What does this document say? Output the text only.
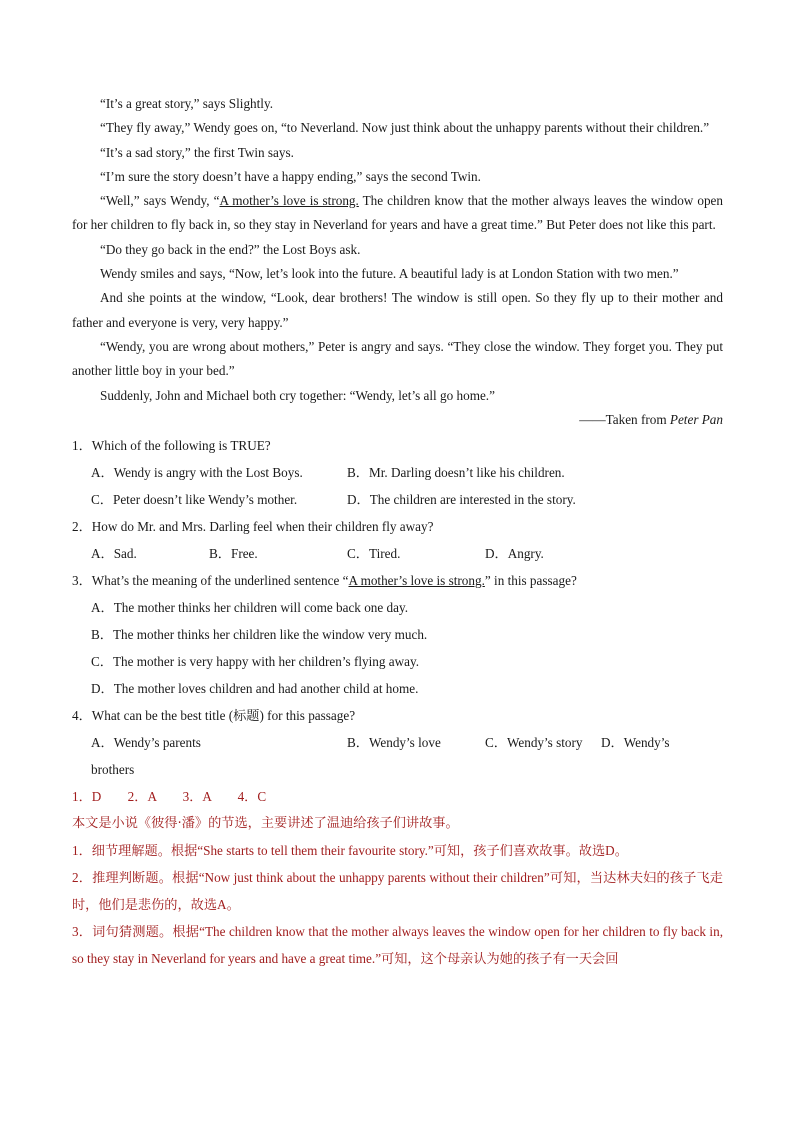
“It’s a great story,” says Slightly.

“They fly away,” Wendy goes on, “to Neverland. Now just think about the unhappy parents without their children.”

“It’s a sad story,” the first Twin says.

“I’m sure the story doesn’t have a happy ending,” says the second Twin.

“Well,” says Wendy, “A mother’s love is strong. The children know that the mother always leaves the window open for her children to fly back in, so they stay in Neverland for years and have a great time.” But Peter does not like this part.

“Do they go back in the end?” the Lost Boys ask.

Wendy smiles and says, “Now, let’s look into the future. A beautiful lady is at London Station with two men.”

And she points at the window, “Look, dear brothers! The window is still open. So they fly up to their mother and father and everyone is very, very happy.”

“Wendy, you are wrong about mothers,” Peter is angry and says. “They close the window. They forget you. They put another little boy in your bed.”

Suddenly, John and Michael both cry together: “Wendy, let’s all go home.”

——Taken from Peter Pan

1．Which of the following is TRUE?

A．Wendy is angry with the Lost Boys.	B．Mr. Darling doesn’t like his children.
C．Peter doesn’t like Wendy’s mother.	D．The children are interested in the story.

2．How do Mr. and Mrs. Darling feel when their children fly away?

A．Sad.	B．Free.	C．Tired.	D．Angry.

3．What’s the meaning of the underlined sentence “A mother’s love is strong.” in this passage?

A．The mother thinks her children will come back one day.
B．The mother thinks her children like the window very much.
C．The mother is very happy with her children’s flying away.
D．The mother loves children and had another child at home.

4．What can be the best title (标题) for this passage?

A．Wendy’s parents	B．Wendy’s love	C．Wendy’s story	D．Wendy’s
brothers

1．D　　2．A　　3．A　　4．C

本文是小说《彼得·潘》的节选，主要讲述了温迪给孩子们讲故事。

1．细节理解题。根据“She starts to tell them their favourite story.”可知，孩子们喜欢故事。故选D。

2．推理判断题。根据“Now just think about the unhappy parents without their children”可知，当达林夫妇的孩子飞走时，他们是悲伤的，故选A。

3．词句猜测题。根据“The children know that the mother always leaves the window open for her children to fly back in, so they stay in Neverland for years and have a great time.”可知，这个母亲认为她的孩子有一天会回
